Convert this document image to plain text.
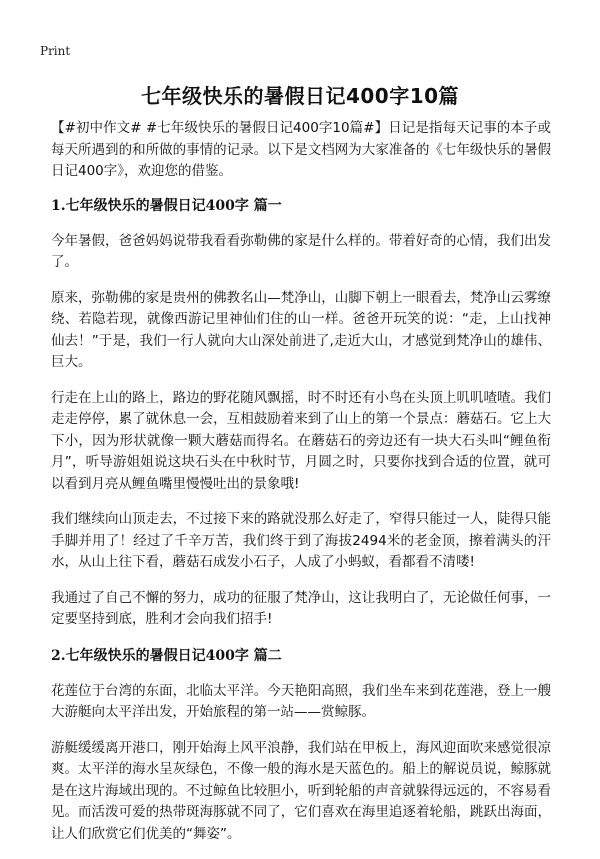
Print
七年级快乐的暑假日记400字10篇

【#初中作文# #七年级快乐的暑假日记400字10篇#】日记是指每天记事的本子或每天所遇到的和所做的事情的记录。以下是文档网为大家准备的《七年级快乐的暑假日记400字》，欢迎您的借鉴。

1.七年级快乐的暑假日记400字 篇一

今年暑假，爸爸妈妈说带我看看弥勒佛的家是什么样的。带着好奇的心情，我们出发了。

原来，弥勒佛的家是贵州的佛教名山—梵净山，山脚下朝上一眼看去，梵净山云雾缭绕、若隐若现，就像西游记里神仙们住的山一样。爸爸开玩笑的说：“走，上山找神仙去！”于是，我们一行人就向大山深处前进了,走近大山，才感觉到梵净山的雄伟、巨大。

行走在上山的路上，路边的野花随风飘摇，时不时还有小鸟在头顶上叽叽喳喳。我们走走停停，累了就休息一会，互相鼓励着来到了山上的第一个景点：蘑菇石。它上大下小，因为形状就像一颗大蘑菇而得名。在蘑菇石的旁边还有一块大石头叫“鲤鱼衔月”，听导游姐姐说这块石头在中秋时节，月圆之时，只要你找到合适的位置，就可以看到月亮从鲤鱼嘴里慢慢吐出的景象哦!

我们继续向山顶走去，不过接下来的路就没那么好走了，窄得只能过一人，陡得只能手脚并用了！经过了千辛万苦，我们终于到了海拔2494米的老金顶，擦着满头的汗水，从山上往下看，蘑菇石成发小石子，人成了小蚂蚁，看都看不清喽!

我通过了自己不懈的努力，成功的征服了梵净山，这让我明白了，无论做任何事，一定要坚持到底，胜利才会向我们招手!

2.七年级快乐的暑假日记400字 篇二

花莲位于台湾的东面，北临太平洋。今天艳阳高照，我们坐车来到花莲港，登上一艘大游艇向太平洋出发，开始旅程的第一站——赏鲸豚。

游艇缓缓离开港口，刚开始海上风平浪静，我们站在甲板上，海风迎面吹来感觉很凉爽。太平洋的海水呈灰绿色，不像一般的海水是天蓝色的。船上的解说员说，鲸豚就是在这片海域出现的。不过鲸鱼比较胆小，听到轮船的声音就躲得远远的，不容易看见。而活泼可爱的热带斑海豚就不同了，它们喜欢在海里追逐着轮船，跳跃出海面，让人们欣赏它们优美的“舞姿”。
